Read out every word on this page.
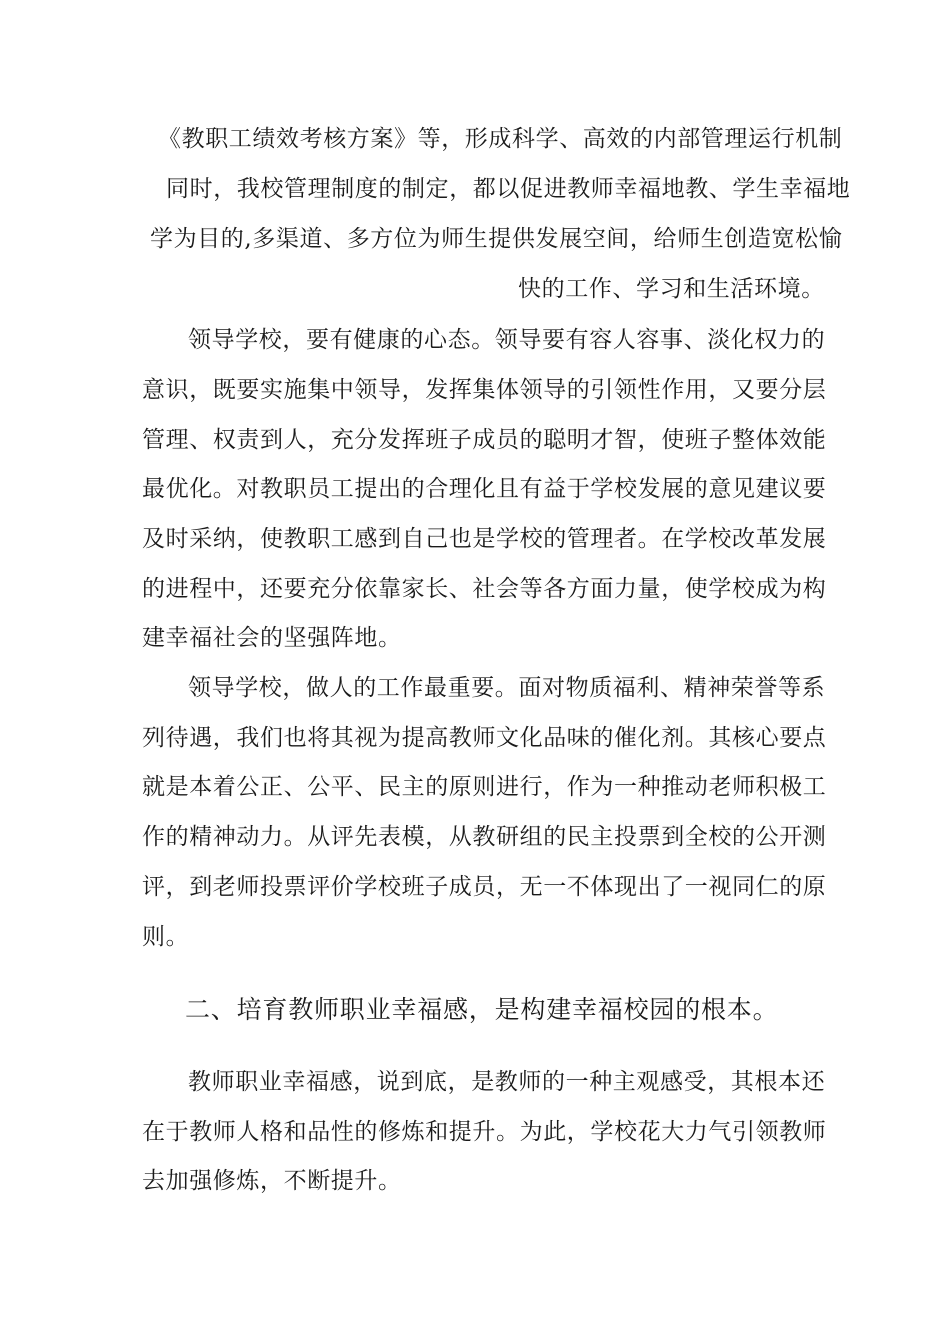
《教职工绩效考核方案》等，形成科学、高效的内部管理运行机制
同时，我校管理制度的制定，都以促进教师幸福地教、学生幸福地
学为目的,多渠道、多方位为师生提供发展空间，给师生创造宽松愉
快的工作、学习和生活环境。
领导学校，要有健康的心态。领导要有容人容事、淡化权力的
意识，既要实施集中领导，发挥集体领导的引领性作用，又要分层
管理、权责到人，充分发挥班子成员的聪明才智，使班子整体效能
最优化。对教职员工提出的合理化且有益于学校发展的意见建议要
及时采纳，使教职工感到自己也是学校的管理者。在学校改革发展
的进程中，还要充分依靠家长、社会等各方面力量，使学校成为构
建幸福社会的坚强阵地。
领导学校，做人的工作最重要。面对物质福利、精神荣誉等系
列待遇，我们也将其视为提高教师文化品味的催化剂。其核心要点
就是本着公正、公平、民主的原则进行，作为一种推动老师积极工
作的精神动力。从评先表模，从教研组的民主投票到全校的公开测
评，到老师投票评价学校班子成员，无一不体现出了一视同仁的原
则。
二、培育教师职业幸福感，是构建幸福校园的根本。
教师职业幸福感，说到底，是教师的一种主观感受，其根本还
在于教师人格和品性的修炼和提升。为此，学校花大力气引领教师
去加强修炼，不断提升。
